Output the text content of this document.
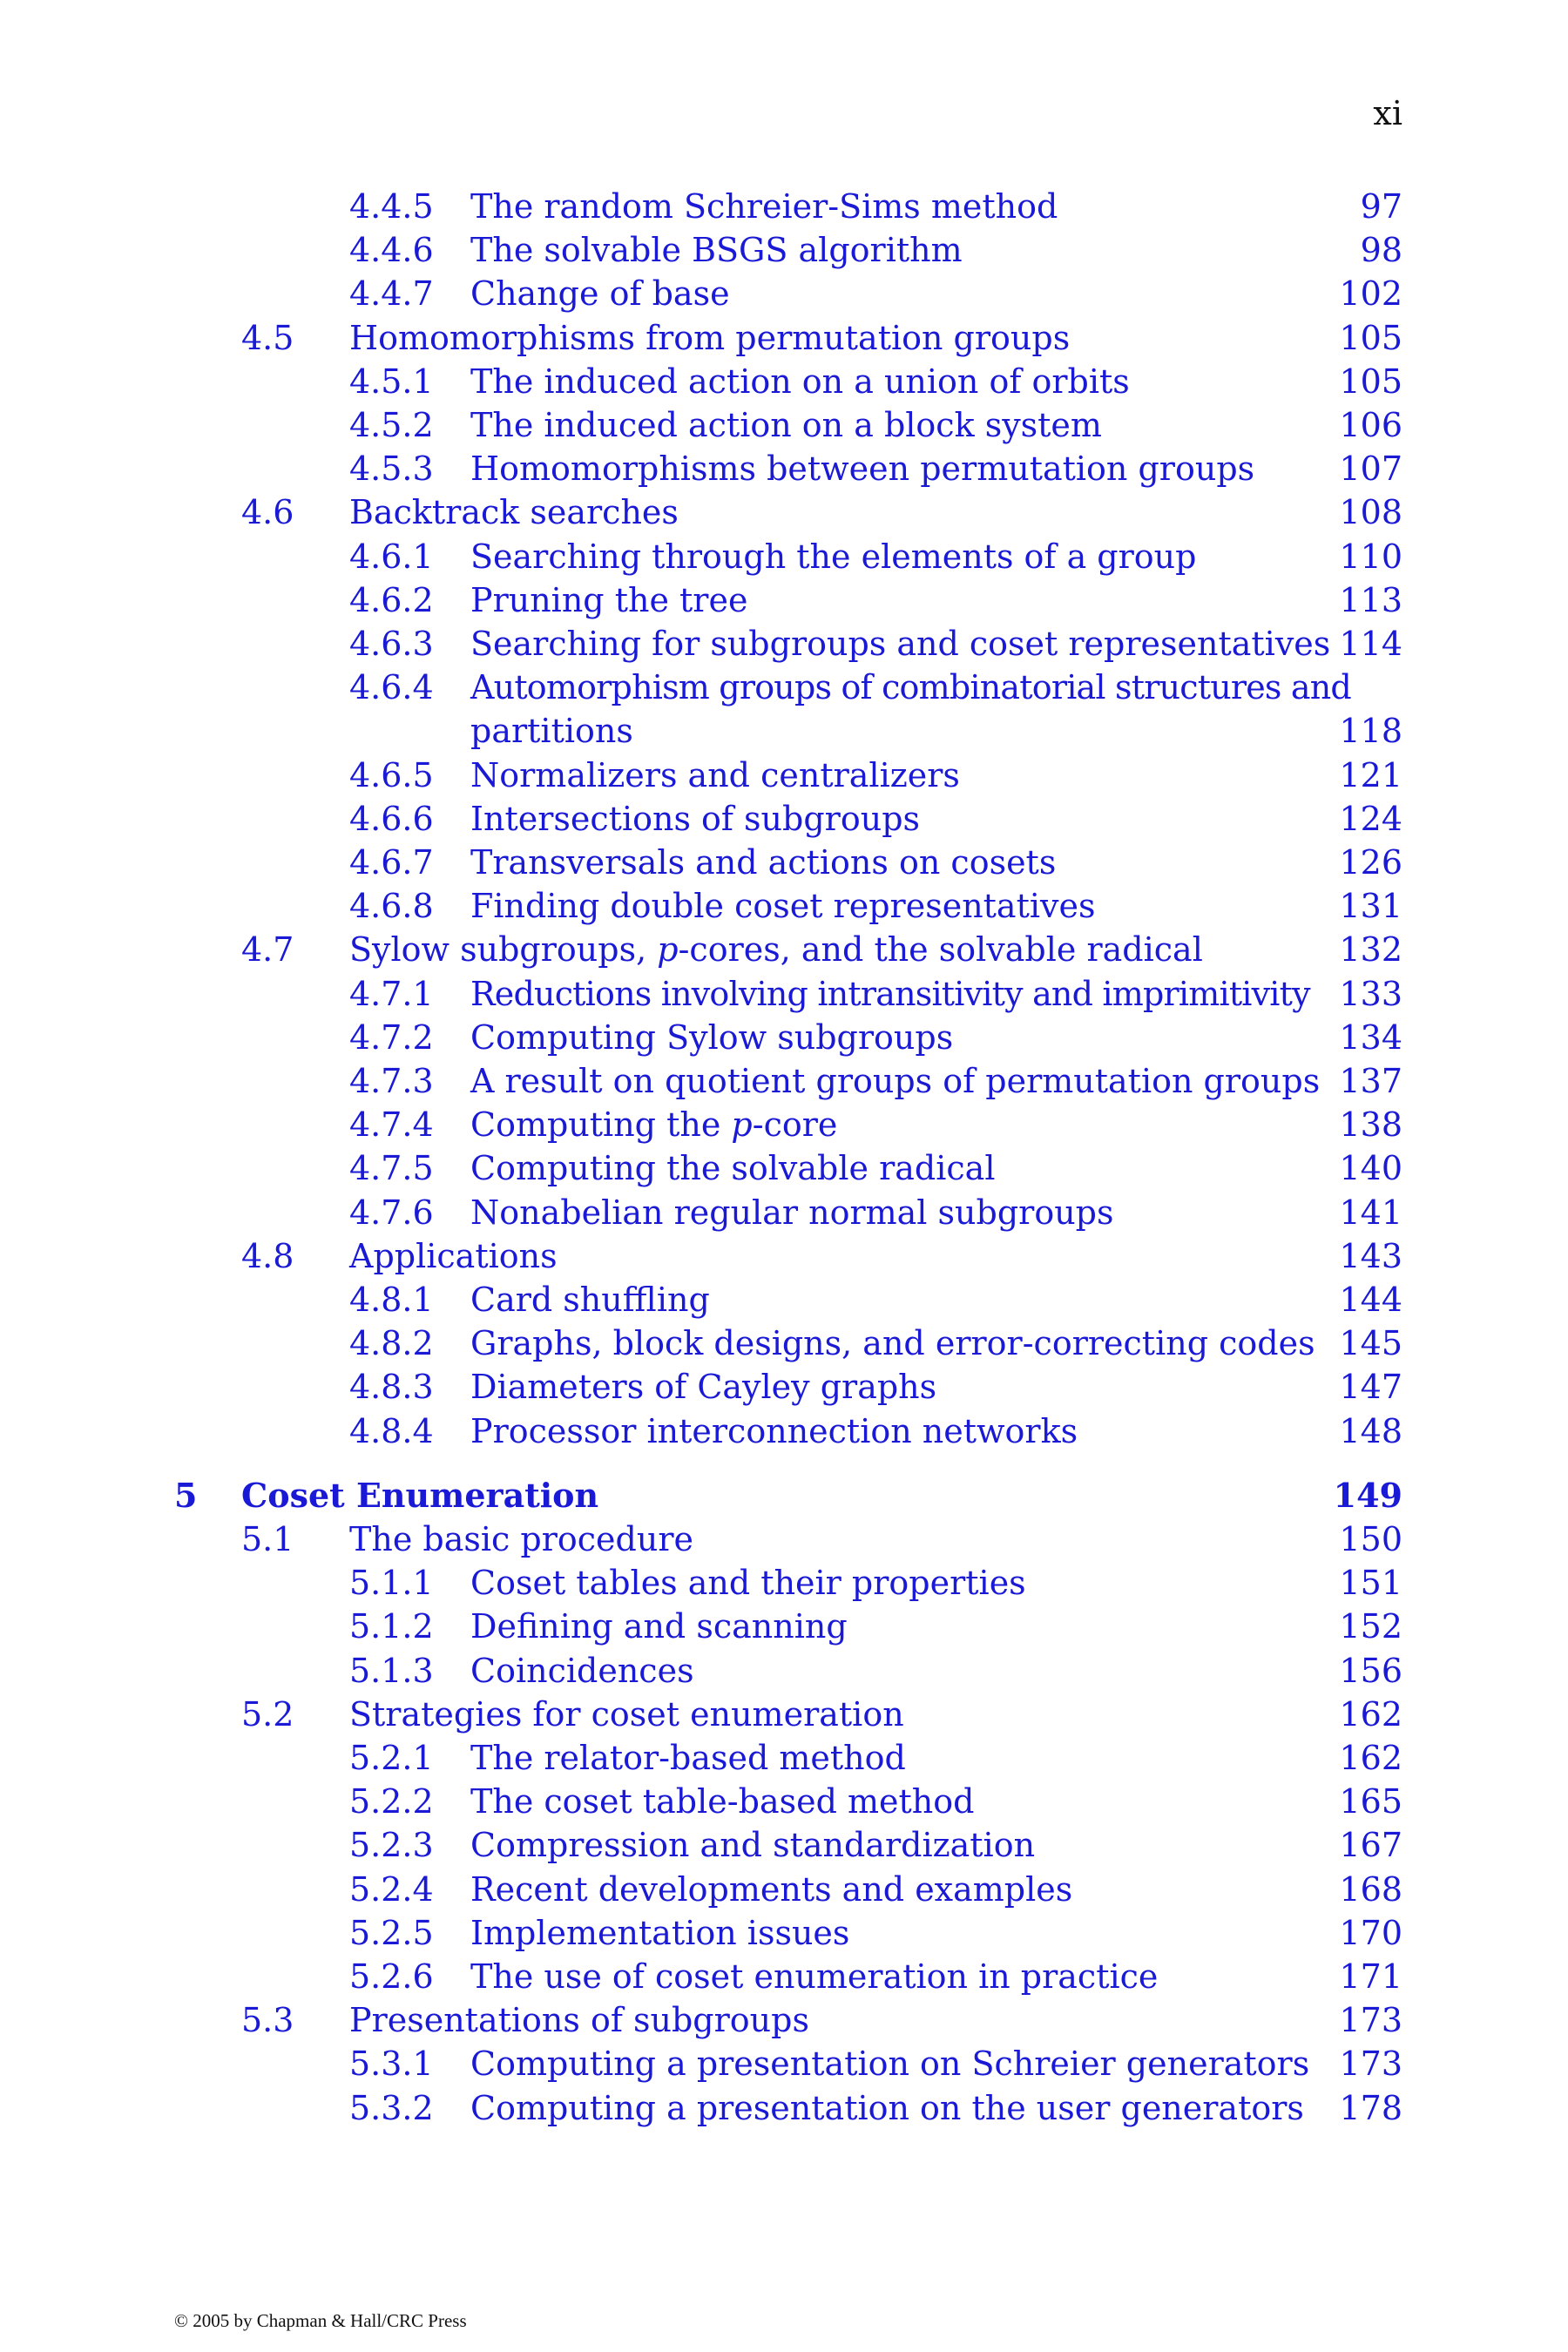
xi
4.4.5 The random Schreier-Sims method	97
4.4.6 The solvable BSGS algorithm	98
4.4.7 Change of base	102
4.5 Homomorphisms from permutation groups	105
4.5.1 The induced action on a union of orbits	105
4.5.2 The induced action on a block system	106
4.5.3 Homomorphisms between permutation groups	107
4.6 Backtrack searches	108
4.6.1 Searching through the elements of a group	110
4.6.2 Pruning the tree	113
4.6.3 Searching for subgroups and coset representatives 114
4.6.4 Automorphism groups of combinatorial structures and
partitions	118
4.6.5 Normalizers and centralizers	121
4.6.6 Intersections of subgroups	124
4.6.7 Transversals and actions on cosets	126
4.6.8 Finding double coset representatives	131
4.7 Sylow subgroups, p-cores, and the solvable radical	132
4.7.1 Reductions involving intransitivity and imprimitivity 133
4.7.2 Computing Sylow subgroups	134
4.7.3 A result on quotient groups of permutation groups 137
4.7.4 Computing the p-core	138
4.7.5 Computing the solvable radical	140
4.7.6 Nonabelian regular normal subgroups	141
4.8 Applications	143
4.8.1 Card shuffling	144
4.8.2 Graphs, block designs, and error-correcting codes 145
4.8.3 Diameters of Cayley graphs	147
4.8.4 Processor interconnection networks	148
5 Coset Enumeration	149
5.1 The basic procedure	150
5.1.1 Coset tables and their properties	151
5.1.2 Defining and scanning	152
5.1.3 Coincidences	156
5.2 Strategies for coset enumeration	162
5.2.1 The relator-based method	162
5.2.2 The coset table-based method	165
5.2.3 Compression and standardization	167
5.2.4 Recent developments and examples	168
5.2.5 Implementation issues	170
5.2.6 The use of coset enumeration in practice	171
5.3 Presentations of subgroups	173
5.3.1 Computing a presentation on Schreier generators 173
5.3.2 Computing a presentation on the user generators 178
© 2005 by Chapman & Hall/CRC Press
